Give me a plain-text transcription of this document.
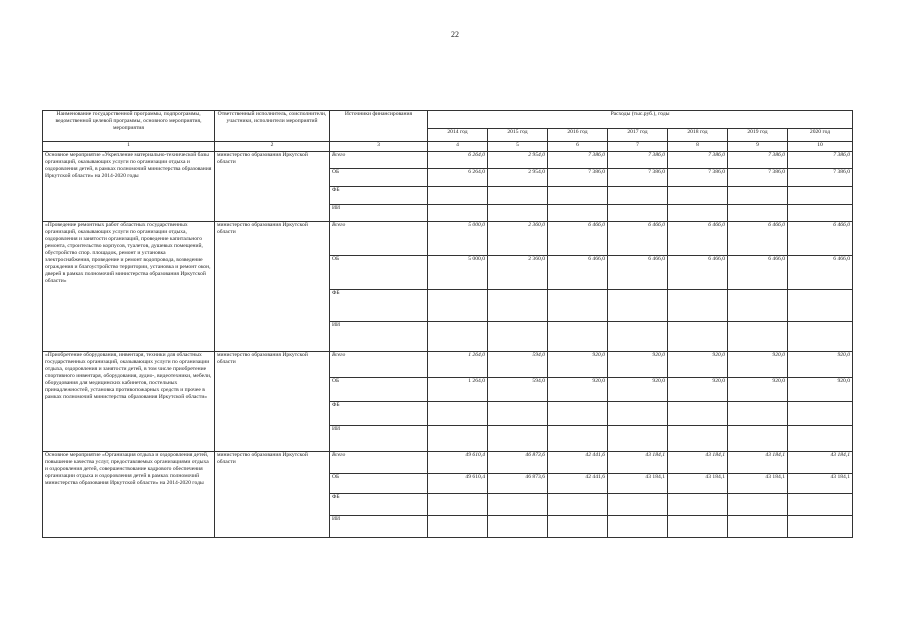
22
Наименование государственной программы, подпрограммы, ведомственной целевой программы, основного мероприятия, мероприятия	Ответственный исполнитель, соисполнители, участники, исполнители мероприятий	Источники финансирования	Расходы (тыс.руб.), годы						
			2014 год	2015 год	2016 год	2017 год	2018 год	2019 год	2020 год
1	2	3	4	5	6	7	8	9	10
Основное мероприятие «Укрепление материально-технической базы организаций, оказывающих услуги по организации отдыха и оздоровления детей, в рамках полномочий министерства образования Иркутской области» на 2014-2020 годы	министерство образования Иркутской области	Всего	6 264,0	2 954,0	7 386,0	7 386,0	7 386,0	7 386,0	7 386,0
		ОБ	6 264,0	2 954,0	7 386,0	7 386,0	7 386,0	7 386,0	7 386,0
		ФБ							
		ИИ							
«Проведение ремонтных работ областных государственных организаций, оказывающих услуги по организации отдыха, оздоровления и занятости организаций, проведение капитального ремонта, строительство корпусов, туалетов, душевых помещений, обустройство спор. площадок, ремонт и установка электроснабжения, проведение и ремонт водопровода, возведение ограждения и благоустройство территории, установка и ремонт окон, дверей в рамках полномочий министерства образования Иркутской области»	министерство образования Иркутской области	Всего	5 000,0	2 360,0	6 466,0	6 466,0	6 466,0	6 466,0	6 466,0
		ОБ	5 000,0	2 360,0	6 466,0	6 466,0	6 466,0	6 466,0	6 466,0
		ФБ							
		ИИ							
«Приобретение оборудования, инвентаря, техники для областных государственных организаций, оказывающих услуги по организации отдыха, оздоровления и занятости детей, в том числе приобретение спортивного инвентаря, оборудования, аудио-, видеотехники, мебели, оборудования для медицинских кабинетов, постельных принадлежностей, установка противопожарных средств и прочее в рамках полномочий министерства образования Иркутской области»	министерство образования Иркутской области	Всего	1 264,0	594,0	920,0	920,0	920,0	920,0	920,0
		ОБ	1 264,0	594,0	920,0	920,0	920,0	920,0	920,0
		ФБ							
		ИИ							
Основное мероприятие «Организация отдыха и оздоровления детей, повышение качества услуг, предоставляемых организациями отдыха и оздоровления детей, совершенствование кадрового обеспечения организации отдыха и оздоровления детей в рамках полномочий министерства образования Иркутской области» на 2014-2020 годы	министерство образования Иркутской области	Всего	49 610,4	46 873,6	42 441,6	43 184,1	43 184,1	43 184,1	43 184,1
		ОБ	49 610,4	46 873,6	42 441,6	43 184,1	43 184,1	43 184,1	43 184,1
		ФБ							
		ИИ							
